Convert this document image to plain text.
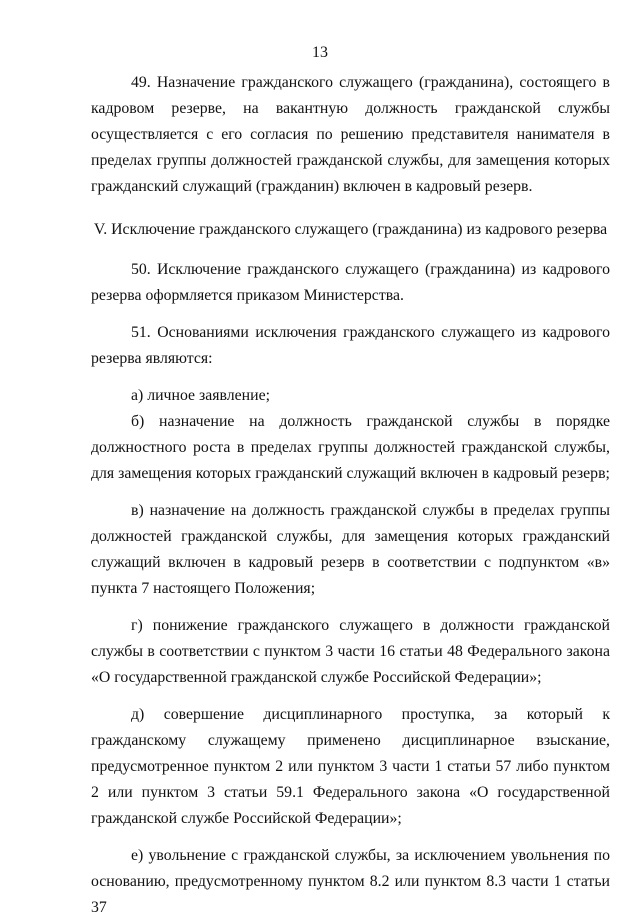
13

49. Назначение гражданского служащего (гражданина), состоящего в кадровом резерве, на вакантную должность гражданской службы осуществляется с его согласия по решению представителя нанимателя в пределах группы должностей гражданской службы, для замещения которых гражданский служащий (гражданин) включен в кадровый резерв.

V. Исключение гражданского служащего (гражданина) из кадрового резерва

50. Исключение гражданского служащего (гражданина) из кадрового резерва оформляется приказом Министерства.

51. Основаниями исключения гражданского служащего из кадрового резерва являются:

а) личное заявление;

б) назначение на должность гражданской службы в порядке должностного роста в пределах группы должностей гражданской службы, для замещения которых гражданский служащий включен в кадровый резерв;

в) назначение на должность гражданской службы в пределах группы должностей гражданской службы, для замещения которых гражданский служащий включен в кадровый резерв в соответствии с подпунктом «в» пункта 7 настоящего Положения;

г) понижение гражданского служащего в должности гражданской службы в соответствии с пунктом 3 части 16 статьи 48 Федерального закона «О государственной гражданской службе Российской Федерации»;

д) совершение дисциплинарного проступка, за который к гражданскому служащему применено дисциплинарное взыскание, предусмотренное пунктом 2 или пунктом 3 части 1 статьи 57 либо пунктом 2 или пунктом 3 статьи 59.1 Федерального закона «О государственной гражданской службе Российской Федерации»;

е) увольнение с гражданской службы, за исключением увольнения по основанию, предусмотренному пунктом 8.2 или пунктом 8.3 части 1 статьи 37
